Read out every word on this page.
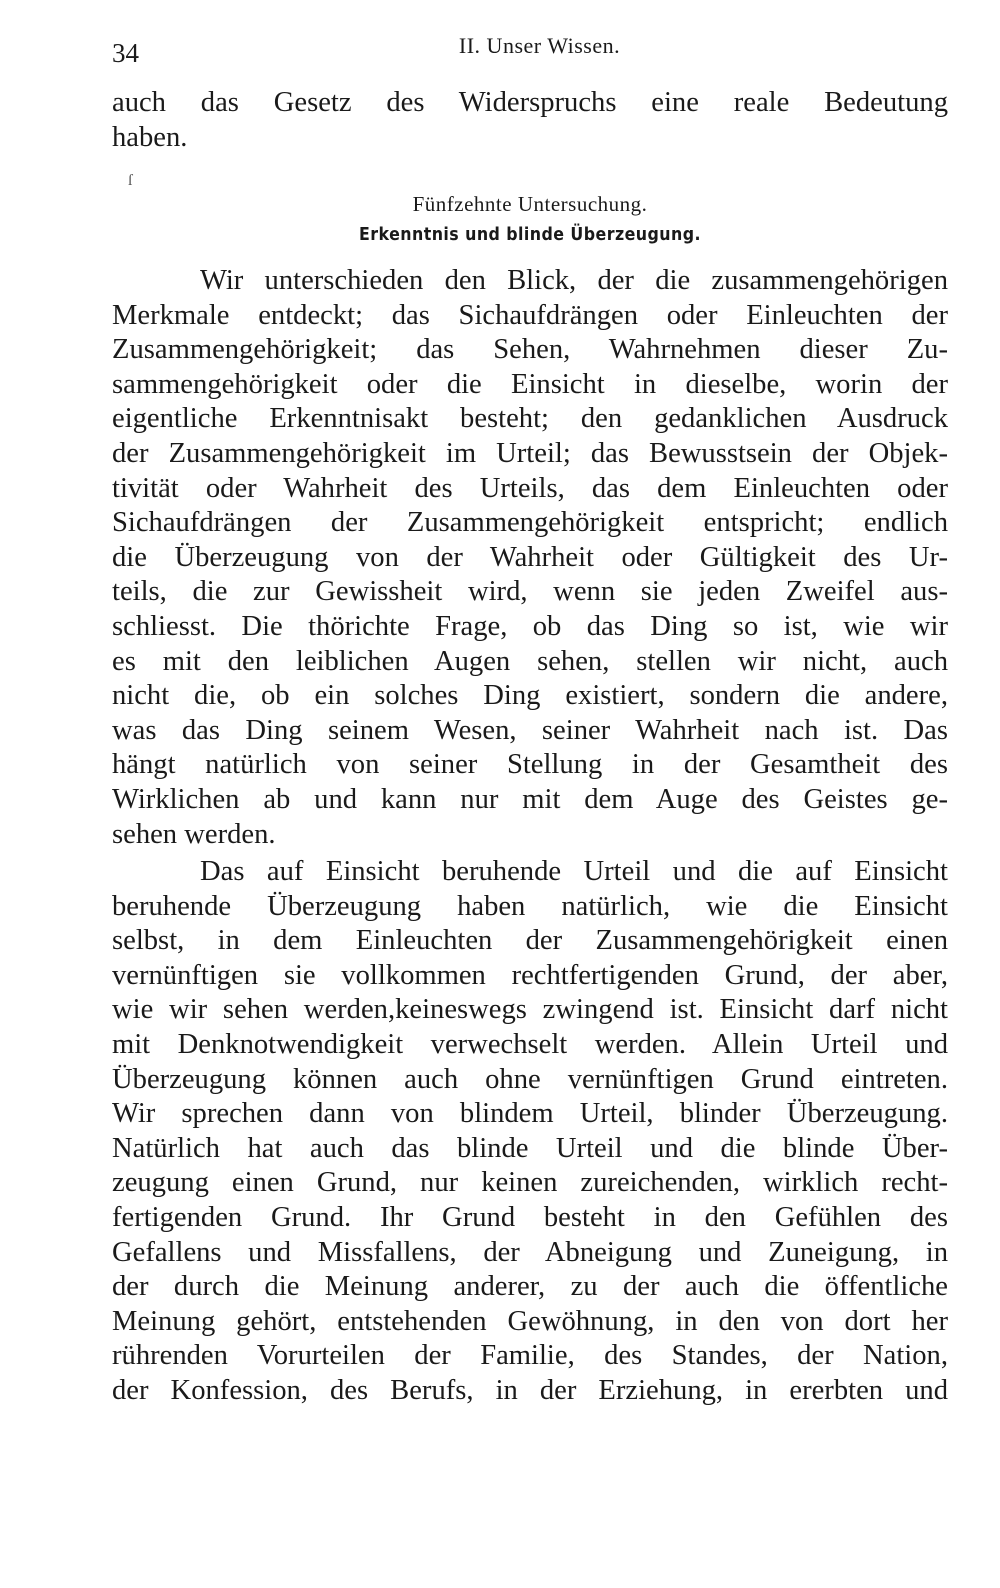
34	II. Unser Wissen.
auch das Gesetz des Widerspruchs eine reale Bedeutung
haben.
ſ
Fünfzehnte Untersuchung.
Erkenntnis und blinde Überzeugung.
Wir unterschieden den Blick, der die zusammengehörigen
Merkmale entdeckt; das Sichaufdrängen oder Einleuchten der
Zusammengehörigkeit; das Sehen, Wahrnehmen dieser Zu-
sammengehörigkeit oder die Einsicht in dieselbe, worin der
eigentliche Erkenntnisakt besteht; den gedanklichen Ausdruck
der Zusammengehörigkeit im Urteil; das Bewusstsein der Objek-
tivität oder Wahrheit des Urteils, das dem Einleuchten oder
Sichaufdrängen der Zusammengehörigkeit entspricht; endlich
die Überzeugung von der Wahrheit oder Gültigkeit des Ur-
teils, die zur Gewissheit wird, wenn sie jeden Zweifel aus-
schliesst. Die thörichte Frage, ob das Ding so ist, wie wir
es mit den leiblichen Augen sehen, stellen wir nicht, auch
nicht die, ob ein solches Ding existiert, sondern die andere,
was das Ding seinem Wesen, seiner Wahrheit nach ist. Das
hängt natürlich von seiner Stellung in der Gesamtheit des
Wirklichen ab und kann nur mit dem Auge des Geistes ge-
sehen werden.
Das auf Einsicht beruhende Urteil und die auf Einsicht
beruhende Überzeugung haben natürlich, wie die Einsicht
selbst, in dem Einleuchten der Zusammengehörigkeit einen
vernünftigen sie vollkommen rechtfertigenden Grund, der aber,
wie wir sehen werden,keineswegs zwingend ist. Einsicht darf nicht
mit Denknotwendigkeit verwechselt werden. Allein Urteil und
Überzeugung können auch ohne vernünftigen Grund eintreten.
Wir sprechen dann von blindem Urteil, blinder Überzeugung.
Natürlich hat auch das blinde Urteil und die blinde Über-
zeugung einen Grund, nur keinen zureichenden, wirklich recht-
fertigenden Grund. Ihr Grund besteht in den Gefühlen des
Gefallens und Missfallens, der Abneigung und Zuneigung, in
der durch die Meinung anderer, zu der auch die öffentliche
Meinung gehört, entstehenden Gewöhnung, in den von dort her
rührenden Vorurteilen der Familie, des Standes, der Nation,
der Konfession, des Berufs, in der Erziehung, in ererbten und
